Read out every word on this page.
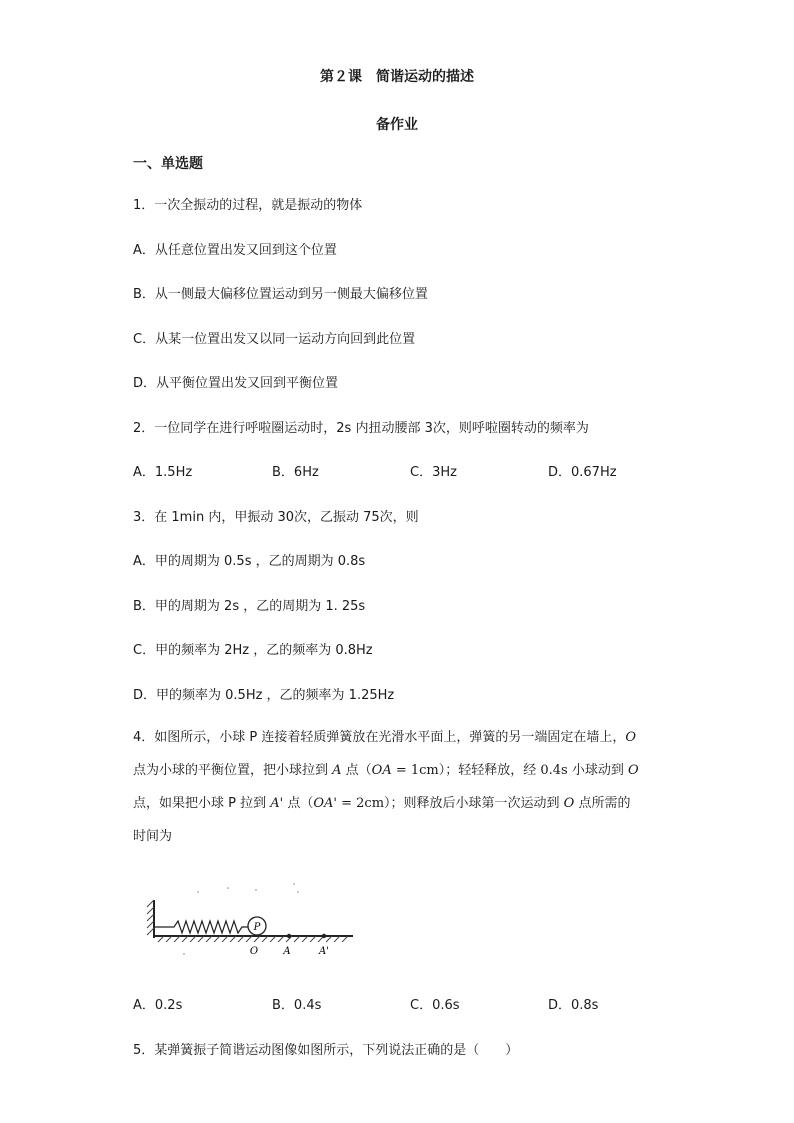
第２课　简谐运动的描述
备作业
一、单选题
1．一次全振动的过程，就是振动的物体
A．从任意位置出发又回到这个位置
B．从一侧最大偏移位置运动到另一侧最大偏移位置
C．从某一位置出发又以同一运动方向回到此位置
D．从平衡位置出发又回到平衡位置
2．一位同学在进行呼啦圈运动时，2s 内扭动腰部 3次，则呼啦圈转动的频率为
A．1.5Hz	B．6Hz	C．3Hz	D．0.67Hz
3．在 1min 内，甲振动 30次，乙振动 75次，则
A．甲的周期为 0.5s ，乙的周期为 0.8s
B．甲的周期为 2s ，乙的周期为 1. 25s
C．甲的频率为 2Hz ，乙的频率为 0.8Hz
D．甲的频率为 0.5Hz ，乙的频率为 1.25Hz
4．如图所示，小球 P 连接着轻质弹簧放在光滑水平面上，弹簧的另一端固定在墙上，O
点为小球的平衡位置，把小球拉到 A 点（OA = 1cm）；轻轻释放，经 0.4s 小球动到 O
点，如果把小球 P 拉到 A' 点（OA' = 2cm）；则释放后小球第一次运动到 O 点所需的
时间为
P
O	A	A'
A．0.2s	B．0.4s	C．0.6s	D．0.8s
5．某弹簧振子简谐运动图像如图所示，下列说法正确的是（　　）
